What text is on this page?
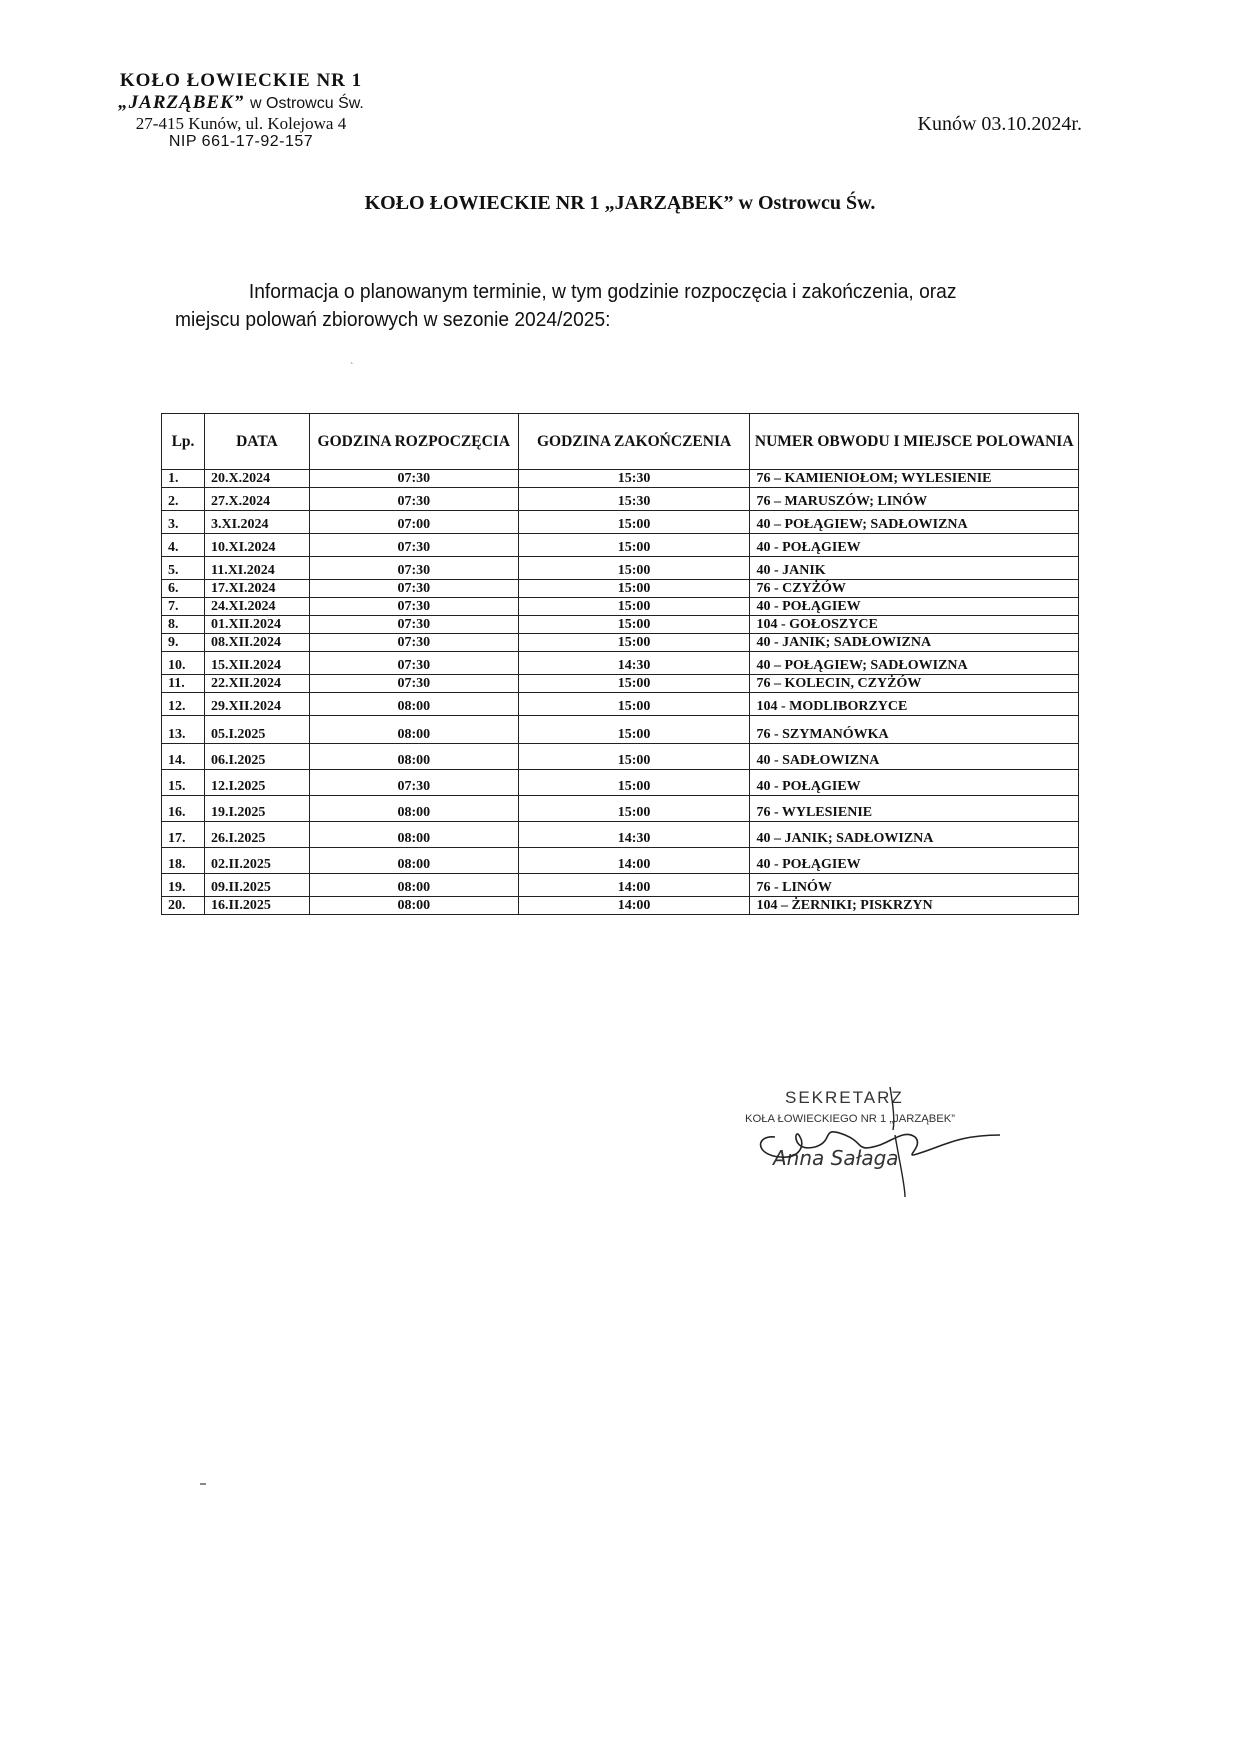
KOŁO ŁOWIECKIE NR 1
„JARZĄBEK” w Ostrowcu Św.
27-415 Kunów, ul. Kolejowa 4
NIP 661-17-92-157
Kunów 03.10.2024r.
KOŁO ŁOWIECKIE NR 1 „JARZĄBEK” w Ostrowcu Św.
Informacja o planowanym terminie, w tym godzinie rozpoczęcia i zakończenia, oraz
miejscu polowań zbiorowych w sezonie 2024/2025:
ˋ
Lp.	DATA	GODZINA ROZPOCZĘCIA	GODZINA ZAKOŃCZENIA	NUMER OBWODU I MIEJSCE POLOWANIA
1.	20.X.2024	07:30	15:30	76 – KAMIENIOŁOM; WYLESIENIE
2.	27.X.2024	07:30	15:30	76 – MARUSZÓW; LINÓW
3.	3.XI.2024	07:00	15:00	40 – POŁĄGIEW; SADŁOWIZNA
4.	10.XI.2024	07:30	15:00	40 - POŁĄGIEW
5.	11.XI.2024	07:30	15:00	40 - JANIK
6.	17.XI.2024	07:30	15:00	76 - CZYŻÓW
7.	24.XI.2024	07:30	15:00	40 - POŁĄGIEW
8.	01.XII.2024	07:30	15:00	104 - GOŁOSZYCE
9.	08.XII.2024	07:30	15:00	40 - JANIK; SADŁOWIZNA
10.	15.XII.2024	07:30	14:30	40 – POŁĄGIEW; SADŁOWIZNA
11.	22.XII.2024	07:30	15:00	76 – KOLECIN, CZYŻÓW
12.	29.XII.2024	08:00	15:00	104 - MODLIBORZYCE
13.	05.I.2025	08:00	15:00	76 - SZYMANÓWKA
14.	06.I.2025	08:00	15:00	40 - SADŁOWIZNA
15.	12.I.2025	07:30	15:00	40 - POŁĄGIEW
16.	19.I.2025	08:00	15:00	76 - WYLESIENIE
17.	26.I.2025	08:00	14:30	40 – JANIK; SADŁOWIZNA
18.	02.II.2025	08:00	14:00	40 - POŁĄGIEW
19.	09.II.2025	08:00	14:00	76 - LINÓW
20.	16.II.2025	08:00	14:00	104 – ŻERNIKI; PISKRZYN
SEKRETARZ
KOŁA ŁOWIECKIEGO NR 1 „JARZĄBEK”
Anna Sałaga
